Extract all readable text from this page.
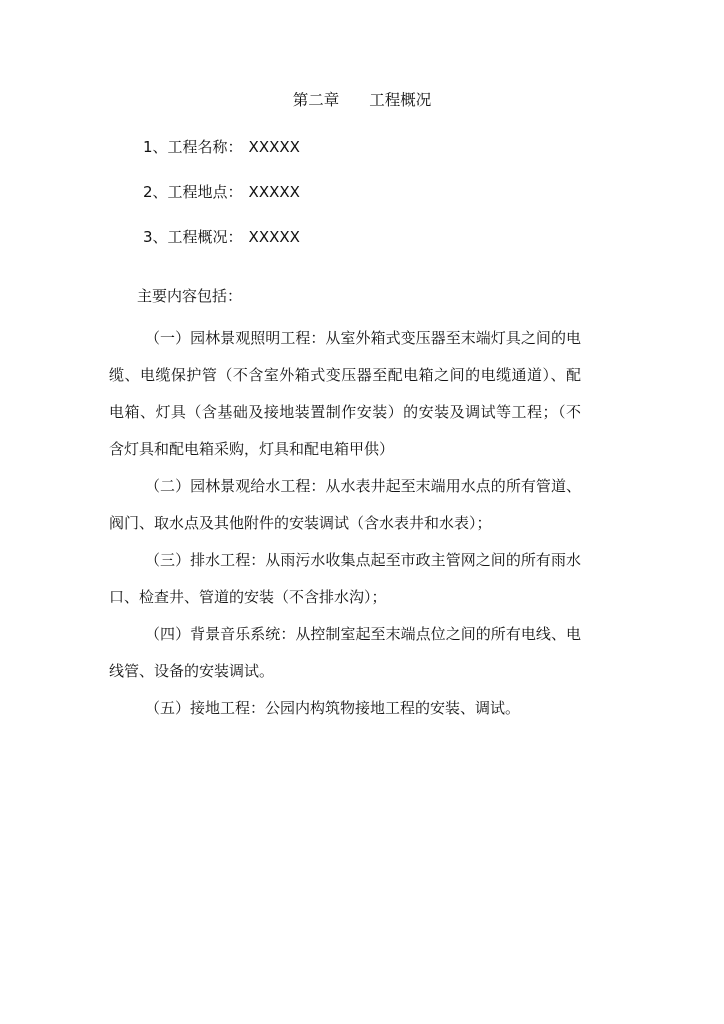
第二章 工程概况
1、工程名称： XXXXX
2、工程地点： XXXXX
3、工程概况： XXXXX
主要内容包括：

（一）园林景观照明工程：从室外箱式变压器至末端灯具之间的电缆、电缆保护管（不含室外箱式变压器至配电箱之间的电缆通道）、配电箱、灯具（含基础及接地装置制作安装）的安装及调试等工程；（不含灯具和配电箱采购，灯具和配电箱甲供）

（二）园林景观给水工程：从水表井起至末端用水点的所有管道、阀门、取水点及其他附件的安装调试（含水表井和水表）；

（三）排水工程：从雨污水收集点起至市政主管网之间的所有雨水口、检查井、管道的安装（不含排水沟）；

（四）背景音乐系统：从控制室起至末端点位之间的所有电线、电线管、设备的安装调试。

（五）接地工程：公园内构筑物接地工程的安装、调试。
